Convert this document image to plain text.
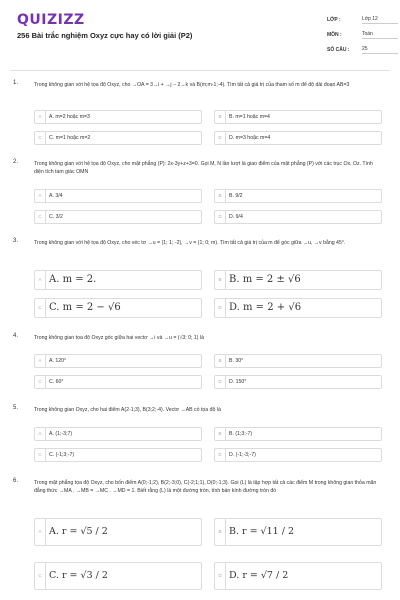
QUIZIZZ
256 Bài trắc nghiệm Oxyz cực hay có lời giải (P2)
LỚP :	Lớp 12
MÔN :	Toán
SỐ CÂU :	25
1.	Trong không gian với hệ tọa độ Oxyz, cho →OA = 3→i + →j − 2→k và B(m;m-1;-4). Tìm tất cả giá trị của tham số m để độ dài đoạn AB=3
A	A. m=2 hoặc m=3	B	B. m=1 hoặc m=4
C	C. m=1 hoặc m=2	D	D. m=3 hoặc m=4
2.	Trong không gian với hệ tọa độ Oxyz, cho mặt phẳng (P): 2x-3y+z+3=0. Gọi M, N lần lượt là giao điểm của mặt phẳng (P) với các trục Ox, Oz. Tính diện tích tam giác OMN
A	A. 3/4	B	B. 9/2
C	C. 3/2	D	D. 9/4
3.	Trong không gian với hệ tọa độ Oxyz, cho véc tơ →u = (1; 1; -2), →v = (1; 0; m). Tìm tất cả giá trị của m để góc giữa →u, →v bằng 45°.
A A. m = 2.	B B. m = 2 ± √6
C C. m = 2 − √6	D D. m = 2 + √6
4.	Trong không gian tọa độ Oxyz góc giữa hai vectơ →i và →u = (√3; 0; 1) là
A	A. 120°	B	B. 30°
C	C. 60°	D	D. 150°
5.	Trong không gian Oxyz, cho hai điểm A(2-1;3), B(3;2;-4). Vectơ →AB có tọa độ là
A	A. (1;-3;7)	B	B. (1;3;-7)
C	C. (-1;3;-7)	D	D. (-1;-3;-7)
6.	Trong mặt phẳng tọa độ Oxyz, cho bốn điểm A(0;-1;2), B(2;-3;0), C(-2;1;1), D(0;-1;3). Gọi (L) là tập hợp tất cả các điểm M trong không gian thỏa mãn đẳng thức →MA . →MB = →MC . →MD = 1. Biết rằng (L) là một đường tròn, tính bán kính đường tròn đó
A A. r = √5 / 2	B B. r = √11 / 2
C C. r = √3 / 2	D D. r = √7 / 2
